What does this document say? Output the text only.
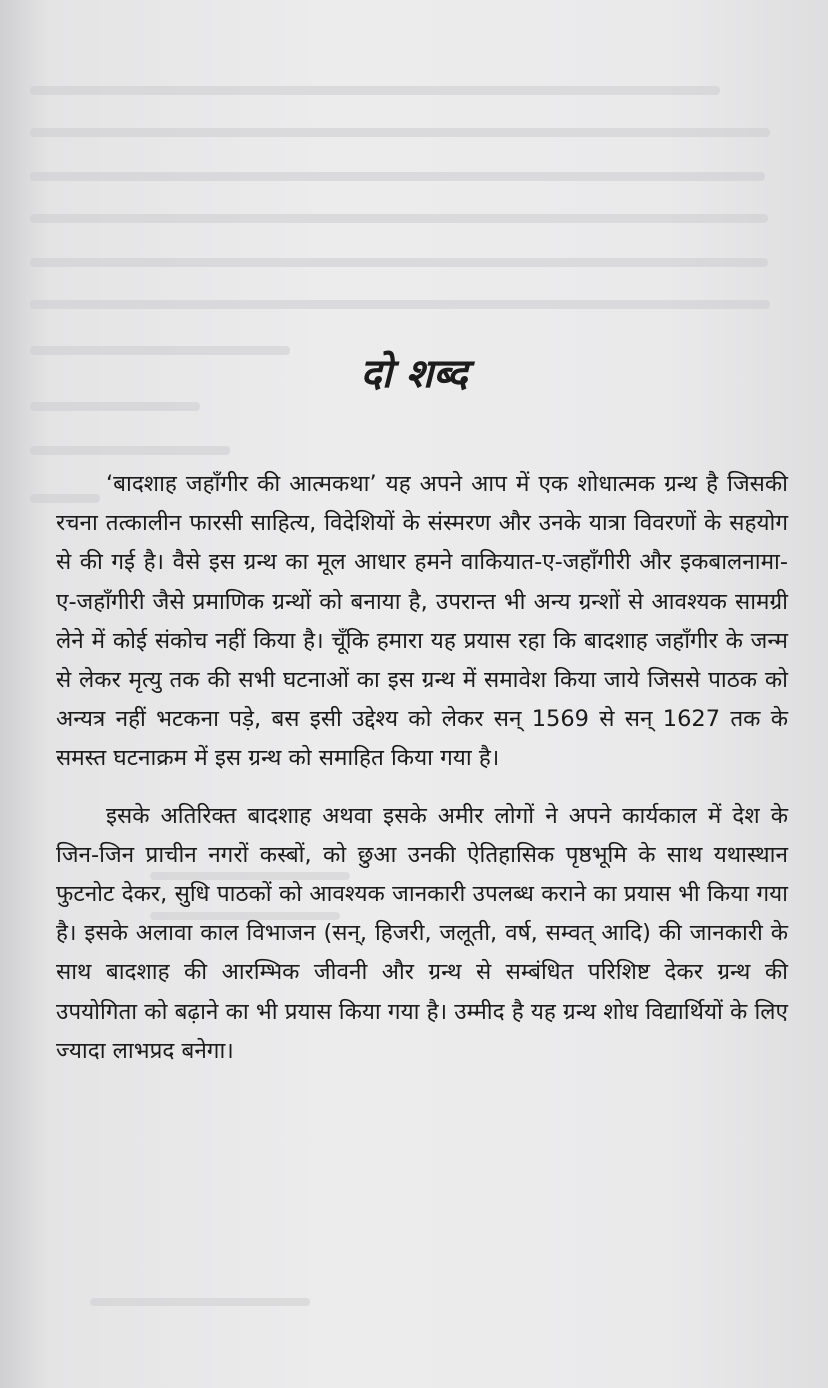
दो शब्द

‘बादशाह जहाँगीर की आत्मकथा’ यह अपने आप में एक शोधात्मक ग्रन्थ है जिसकी रचना तत्कालीन फारसी साहित्य, विदेशियों के संस्मरण और उनके यात्रा विवरणों के सहयोग से की गई है। वैसे इस ग्रन्थ का मूल आधार हमने वाकियात-ए-जहाँगीरी और इकबालनामा-ए-जहाँगीरी जैसे प्रमाणिक ग्रन्थों को बनाया है, उपरान्त भी अन्य ग्रन्शों से आवश्यक सामग्री लेने में कोई संकोच नहीं किया है। चूँकि हमारा यह प्रयास रहा कि बादशाह जहाँगीर के जन्म से लेकर मृत्यु तक की सभी घटनाओं का इस ग्रन्थ में समावेश किया जाये जिससे पाठक को अन्यत्र नहीं भटकना पड़े, बस इसी उद्देश्य को लेकर सन् 1569 से सन् 1627 तक के समस्त घटनाक्रम में इस ग्रन्थ को समाहित किया गया है।

इसके अतिरिक्त बादशाह अथवा इसके अमीर लोगों ने अपने कार्यकाल में देश के जिन-जिन प्राचीन नगरों कस्बों, को छुआ उनकी ऐतिहासिक पृष्ठभूमि के साथ यथास्थान फुटनोट देकर, सुधि पाठकों को आवश्यक जानकारी उपलब्ध कराने का प्रयास भी किया गया है। इसके अलावा काल विभाजन (सन्, हिजरी, जलूती, वर्ष, सम्वत् आदि) की जानकारी के साथ बादशाह की आरम्भिक जीवनी और ग्रन्थ से सम्बंधित परिशिष्ट देकर ग्रन्थ की उपयोगिता को बढ़ाने का भी प्रयास किया गया है। उम्मीद है यह ग्रन्थ शोध विद्यार्थियों के लिए ज्यादा लाभप्रद बनेगा।
